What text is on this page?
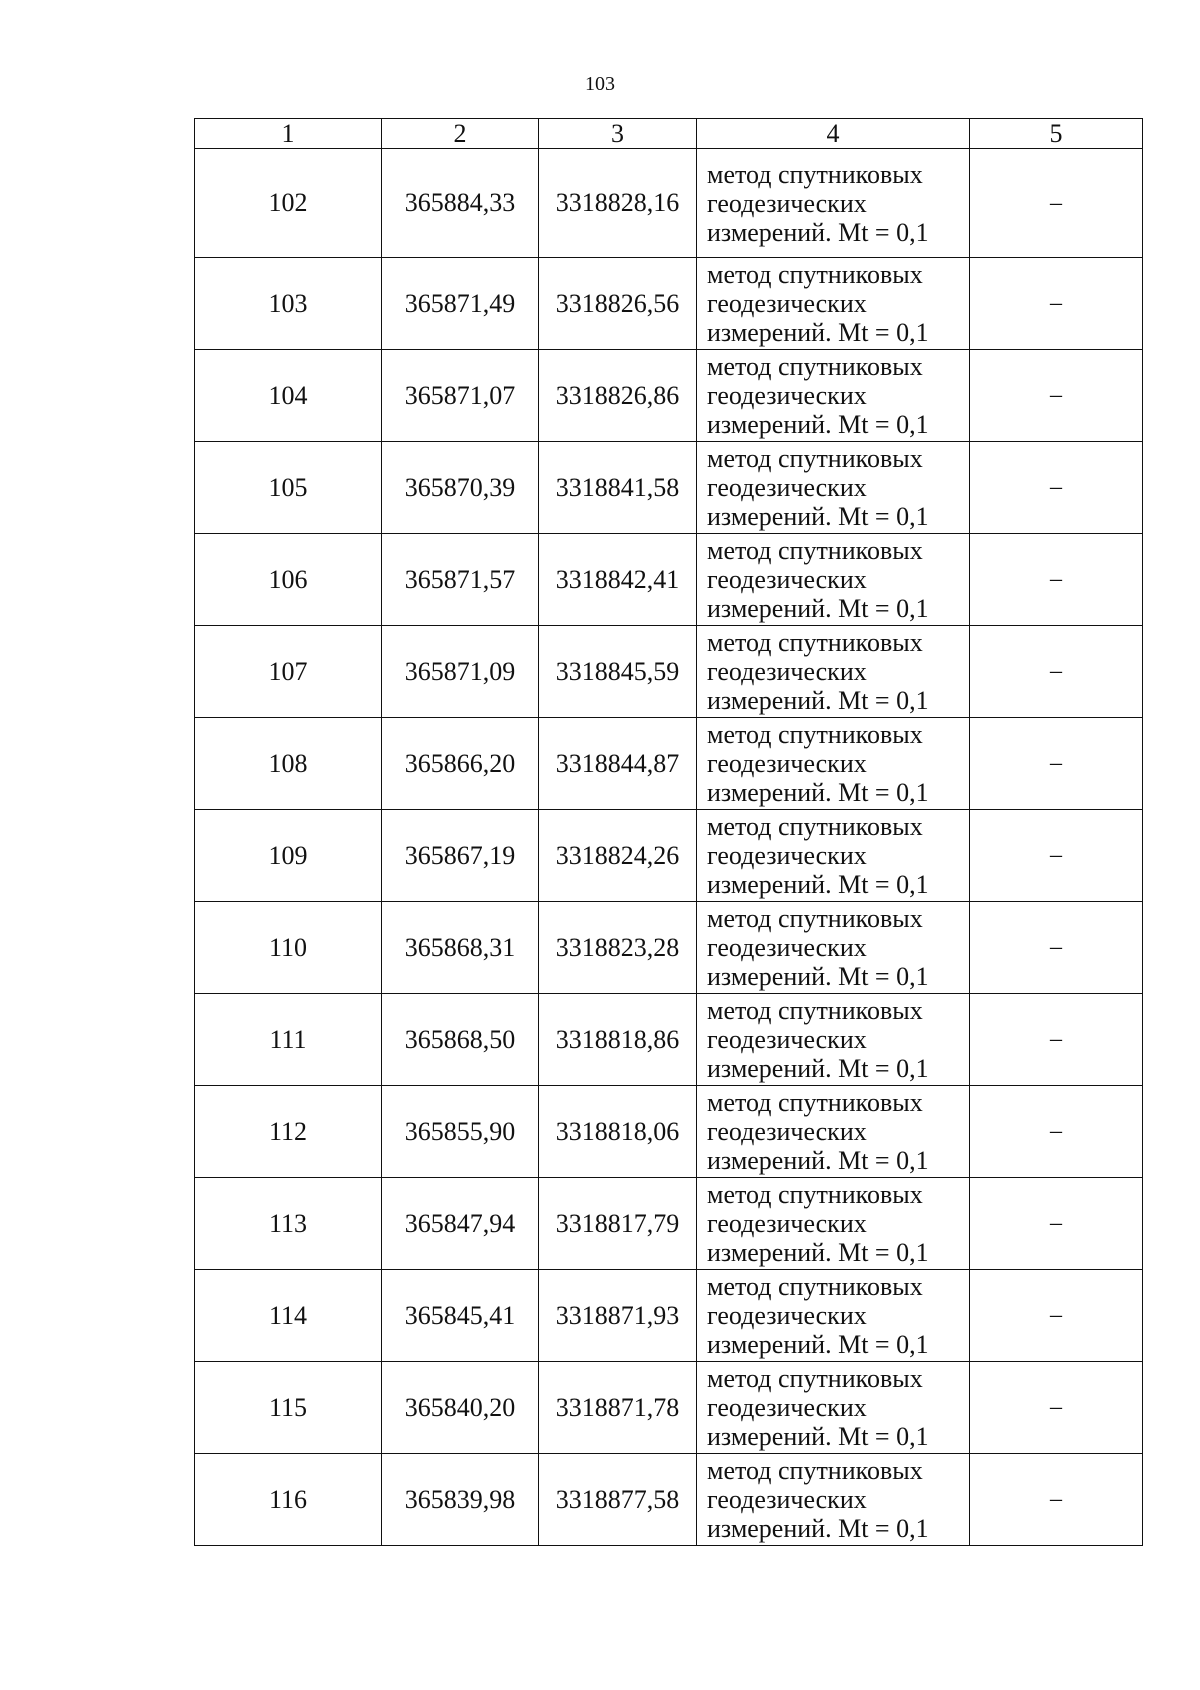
103
1	2	3	4	5
102	365884,33	3318828,16	метод спутниковых
геодезических
измерений. Mt = 0,1	–
103	365871,49	3318826,56	метод спутниковых
геодезических
измерений. Mt = 0,1	–
104	365871,07	3318826,86	метод спутниковых
геодезических
измерений. Mt = 0,1	–
105	365870,39	3318841,58	метод спутниковых
геодезических
измерений. Mt = 0,1	–
106	365871,57	3318842,41	метод спутниковых
геодезических
измерений. Mt = 0,1	–
107	365871,09	3318845,59	метод спутниковых
геодезических
измерений. Mt = 0,1	–
108	365866,20	3318844,87	метод спутниковых
геодезических
измерений. Mt = 0,1	–
109	365867,19	3318824,26	метод спутниковых
геодезических
измерений. Mt = 0,1	–
110	365868,31	3318823,28	метод спутниковых
геодезических
измерений. Mt = 0,1	–
111	365868,50	3318818,86	метод спутниковых
геодезических
измерений. Mt = 0,1	–
112	365855,90	3318818,06	метод спутниковых
геодезических
измерений. Mt = 0,1	–
113	365847,94	3318817,79	метод спутниковых
геодезических
измерений. Mt = 0,1	–
114	365845,41	3318871,93	метод спутниковых
геодезических
измерений. Mt = 0,1	–
115	365840,20	3318871,78	метод спутниковых
геодезических
измерений. Mt = 0,1	–
116	365839,98	3318877,58	метод спутниковых
геодезических
измерений. Mt = 0,1	–
